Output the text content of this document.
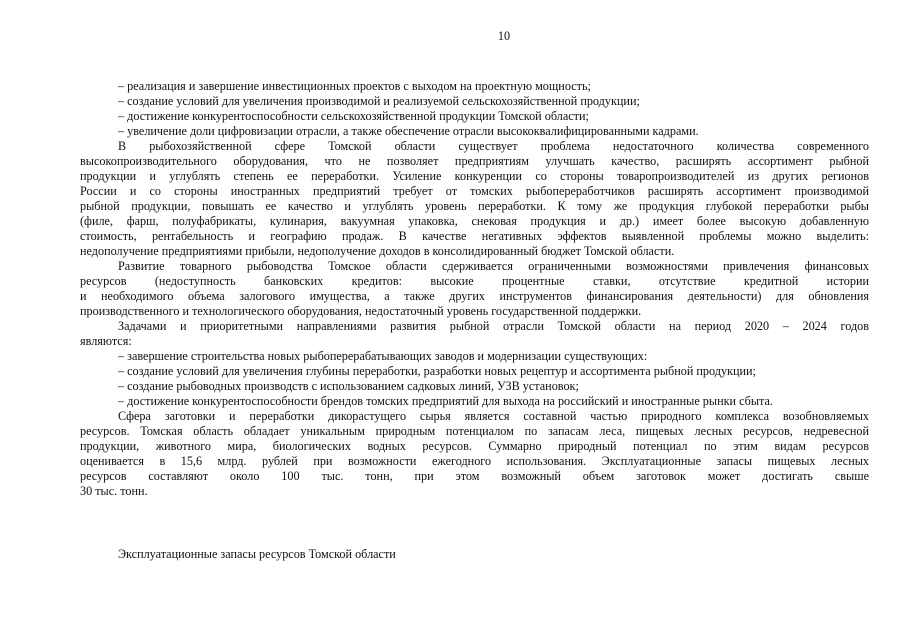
10

– реализация и завершение инвестиционных проектов с выходом на проектную мощность;

– создание условий для увеличения производимой и реализуемой сельскохозяйственной продукции;

– достижение конкурентоспособности сельскохозяйственной продукции Томской области;

– увеличение доли цифровизации отрасли, а также обеспечение отрасли высококвалифицированными кадрами.

В рыбохозяйственной сфере Томской области существует проблема недостаточного количества современного
высокопроизводительного оборудования, что не позволяет предприятиям улучшать качество, расширять ассортимент рыбной
продукции и углублять степень ее переработки. Усиление конкуренции со стороны товаропроизводителей из других регионов
России и со стороны иностранных предприятий требует от томских рыбопереработчиков расширять ассортимент производимой
рыбной продукции, повышать ее качество и углублять уровень переработки. К тому же продукция глубокой переработки рыбы
(филе, фарш, полуфабрикаты, кулинария, вакуумная упаковка, снековая продукция и др.) имеет более высокую добавленную
стоимость, рентабельность и географию продаж. В качестве негативных эффектов выявленной проблемы можно выделить:
недополучение предприятиями прибыли, недополучение доходов в консолидированный бюджет Томской области.
Развитие товарного рыбоводства Томское области сдерживается ограниченными возможностями привлечения финансовых
ресурсов (недоступность банковских кредитов: высокие процентные ставки, отсутствие кредитной истории
и необходимого объема залогового имущества, а также других инструментов финансирования деятельности) для обновления
производственного и технологического оборудования, недостаточный уровень государственной поддержки.
Задачами и приоритетными направлениями развития рыбной отрасли Томской области на период 2020 – 2024 годов
являются:

– завершение строительства новых рыбоперерабатывающих заводов и модернизации существующих:

– создание условий для увеличения глубины переработки, разработки новых рецептур и ассортимента рыбной продукции;

– создание рыбоводных производств с использованием садковых линий, УЗВ установок;

– достижение конкурентоспособности брендов томских предприятий для выхода на российский и иностранные рынки сбыта.

Сфера заготовки и переработки дикорастущего сырья является составной частью природного комплекса возобновляемых
ресурсов. Томская область обладает уникальным природным потенциалом по запасам леса, пищевых лесных ресурсов, недревесной
продукции, животного мира, биологических водных ресурсов. Суммарно природный потенциал по этим видам ресурсов
оценивается в 15,6 млрд. рублей при возможности ежегодного использования. Эксплуатационные запасы пищевых лесных
ресурсов составляют около 100 тыс. тонн, при этом возможный объем заготовок может достигать свыше
30 тыс. тонн.
Эксплуатационные запасы ресурсов Томской области
